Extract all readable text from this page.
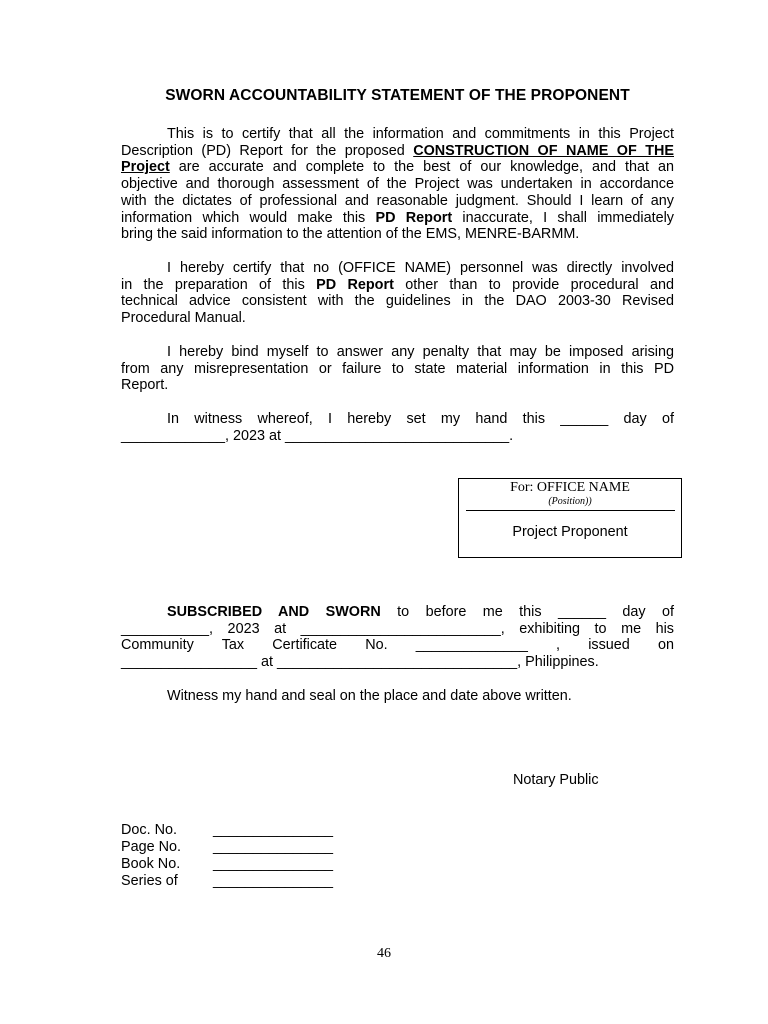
SWORN ACCOUNTABILITY STATEMENT OF THE PROPONENT
This is to certify that all the information and commitments in this Project
Description (PD) Report for the proposed CONSTRUCTION OF NAME OF THE
Project are accurate and complete to the best of our knowledge, and that an
objective and thorough assessment of the Project was undertaken in accordance
with the dictates of professional and reasonable judgment. Should I learn of any
information which would make this PD Report inaccurate, I shall immediately
bring the said information to the attention of the EMS, MENRE-BARMM.
I hereby certify that no (OFFICE NAME) personnel was directly involved
in the preparation of this PD Report other than to provide procedural and
technical advice consistent with the guidelines in the DAO 2003-30 Revised
Procedural Manual.
I hereby bind myself to answer any penalty that may be imposed arising
from any misrepresentation or failure to state material information in this PD
Report.
In witness whereof, I hereby set my hand this ______ day of
_____________, 2023 at ____________________________.
For: OFFICE NAME
(Position))
Project Proponent
SUBSCRIBED AND SWORN to before me this ______ day of
___________, 2023 at _________________________, exhibiting to me his
Community Tax Certificate No. ______________ , issued on
_________________ at ______________________________, Philippines.
Witness my hand and seal on the place and date above written.
Notary Public
Doc. No.	_______________
Page No. _______________
Book No. _______________
Series of _______________
46
